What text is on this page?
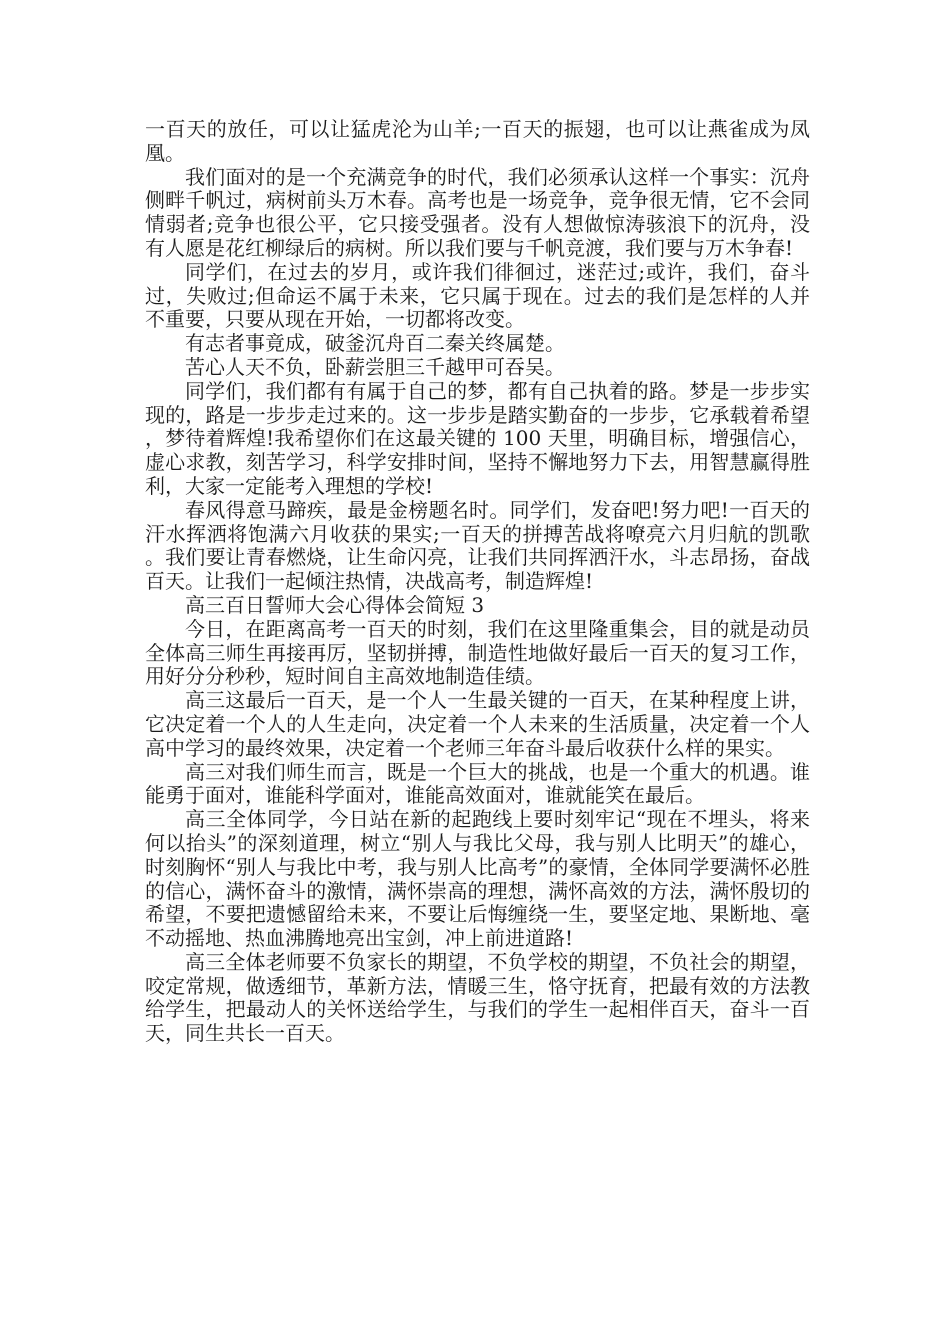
一百天的放任，可以让猛虎沦为山羊;一百天的振翅，也可以让燕雀成为凤凰。

我们面对的是一个充满竞争的时代，我们必须承认这样一个事实：沉舟侧畔千帆过，病树前头万木春。高考也是一场竞争，竞争很无情，它不会同情弱者;竞争也很公平，它只接受强者。没有人想做惊涛骇浪下的沉舟，没有人愿是花红柳绿后的病树。所以我们要与千帆竞渡，我们要与万木争春!

同学们，在过去的岁月，或许我们徘徊过，迷茫过;或许，我们，奋斗过，失败过;但命运不属于未来，它只属于现在。过去的我们是怎样的人并不重要，只要从现在开始，一切都将改变。

有志者事竟成，破釜沉舟百二秦关终属楚。

苦心人天不负，卧薪尝胆三千越甲可吞吴。

同学们，我们都有有属于自己的梦，都有自己执着的路。梦是一步步实现的，路是一步步走过来的。这一步步是踏实勤奋的一步步，它承载着希望，梦待着辉煌!我希望你们在这最关键的 100 天里，明确目标，增强信心，虚心求教，刻苦学习，科学安排时间，坚持不懈地努力下去，用智慧赢得胜利，大家一定能考入理想的学校!

春风得意马蹄疾，最是金榜题名时。同学们，发奋吧!努力吧!一百天的汗水挥洒将饱满六月收获的果实;一百天的拼搏苦战将嘹亮六月归航的凯歌。我们要让青春燃烧，让生命闪亮，让我们共同挥洒汗水，斗志昂扬，奋战百天。让我们一起倾注热情，决战高考，制造辉煌!

高三百日誓师大会心得体会简短 3

今日，在距离高考一百天的时刻，我们在这里隆重集会，目的就是动员全体高三师生再接再厉，坚韧拼搏，制造性地做好最后一百天的复习工作，用好分分秒秒，短时间自主高效地制造佳绩。

高三这最后一百天，是一个人一生最关键的一百天，在某种程度上讲，它决定着一个人的人生走向，决定着一个人未来的生活质量，决定着一个人高中学习的最终效果，决定着一个老师三年奋斗最后收获什么样的果实。

高三对我们师生而言，既是一个巨大的挑战，也是一个重大的机遇。谁能勇于面对，谁能科学面对，谁能高效面对，谁就能笑在最后。

高三全体同学，今日站在新的起跑线上要时刻牢记“现在不埋头，将来何以抬头”的深刻道理，树立“别人与我比父母，我与别人比明天”的雄心，时刻胸怀“别人与我比中考，我与别人比高考”的豪情，全体同学要满怀必胜的信心，满怀奋斗的激情，满怀崇高的理想，满怀高效的方法，满怀殷切的希望，不要把遗憾留给未来，不要让后悔缠绕一生，要坚定地、果断地、毫不动摇地、热血沸腾地亮出宝剑，冲上前进道路!

高三全体老师要不负家长的期望，不负学校的期望，不负社会的期望，咬定常规，做透细节，革新方法，情暖三生，恪守抚育，把最有效的方法教给学生，把最动人的关怀送给学生，与我们的学生一起相伴百天，奋斗一百天，同生共长一百天。
